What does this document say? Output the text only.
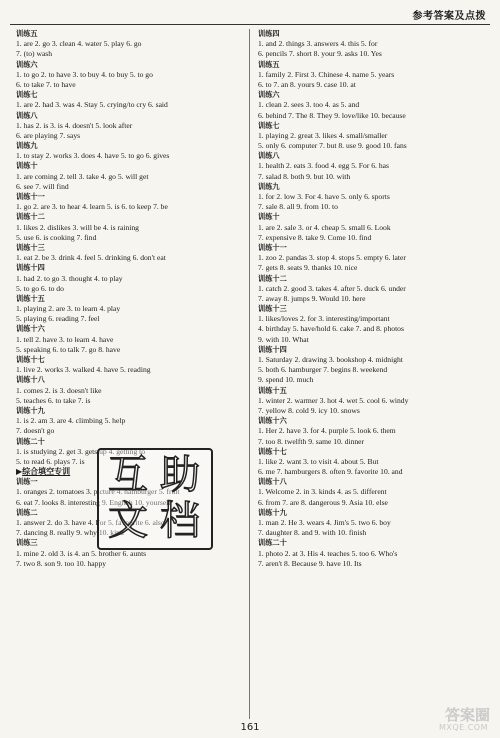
参考答案及点拨
训练五
1. are 2. go 3. clean 4. water 5. play 6. go
7. (to) wash
训练六
1. to go 2. to have 3. to buy 4. to buy 5. to go
6. to take 7. to have
训练七
1. are 2. had 3. was 4. Stay 5. crying/to cry 6. said
训练八
1. has 2. is 3. is 4. doesn't 5. look after
6. are playing 7. says
训练九
1. to stay 2. works 3. does 4. have 5. to go 6. gives
训练十
1. are coming 2. tell 3. take 4. go 5. will get
6. see 7. will find
训练十一
1. go 2. are 3. to hear 4. learn 5. is 6. to keep 7. be
训练十二
1. likes 2. dislikes 3. will be 4. is raining
5. use 6. is cooking 7. find
训练十三
1. eat 2. be 3. drink 4. feel 5. drinking 6. don't eat
训练十四
1. had 2. to go 3. thought 4. to play
5. to go 6. to do
训练十五
1. playing 2. are 3. to learn 4. play
5. playing 6. reading 7. feel
训练十六
1. tell 2. have 3. to learn 4. have
5. speaking 6. to talk 7. go 8. have
训练十七
1. live 2. works 3. walked 4. have 5. reading
训练十八
1. comes 2. is 3. doesn't like
5. teaches 6. to take 7. is
训练十九
1. is 2. am 3. are 4. climbing 5. help
7. doesn't go
训练二十
1. is studying 2. get 3. gets up 4. getting to
5. to read 6. plays 7. is
▶综合填空专训
训练一
1. oranges 2. tomatoes 3. picture 4. hamburger 5. fruit
6. eat 7. looks 8. interesting 9. English 10. yourself
训练二
1. answer 2. do 3. have 4. For 5. favourite 6. also
7. dancing 8. really 9. why 10. kind
训练三
1. mine 2. old 3. is 4. an 5. brother 6. aunts
7. two 8. son 9. too 10. happy
训练四
1. and 2. things 3. answers 4. this 5. for
6. pencils 7. short 8. your 9. asks 10. Yes
训练五
1. family 2. First 3. Chinese 4. name 5. years
6. to 7. an 8. yours 9. case 10. at
训练六
1. clean 2. sees 3. too 4. as 5. and
6. behind 7. The 8. They 9. love/like 10. because
训练七
1. playing 2. great 3. likes 4. small/smaller
5. only 6. computer 7. but 8. use 9. good 10. fans
训练八
1. health 2. eats 3. food 4. egg 5. For 6. has
7. salad 8. both 9. but 10. with
训练九
1. for 2. low 3. For 4. have 5. only 6. sports
7. sale 8. all 9. from 10. to
训练十
1. are 2. sale 3. or 4. cheap 5. small 6. Look
7. expensive 8. take 9. Come 10. find
训练十一
1. zoo 2. pandas 3. stop 4. stops 5. empty 6. later
7. gets 8. seats 9. thanks 10. nice
训练十二
1. catch 2. good 3. takes 4. after 5. duck 6. under
7. away 8. jumps 9. Would 10. here
训练十三
1. likes/loves 2. for 3. interesting/important
4. birthday 5. have/hold 6. cake 7. and 8. photos
9. with 10. What
训练十四
1. Saturday 2. drawing 3. bookshop 4. midnight
5. both 6. hamburger 7. begins 8. weekend
9. spend 10. much
训练十五
1. winter 2. warmer 3. hot 4. wet 5. cool 6. windy
7. yellow 8. cold 9. icy 10. snows
训练十六
1. Her 2. have 3. for 4. purple 5. look 6. them
7. too 8. twelfth 9. same 10. dinner
训练十七
1. like 2. want 3. to visit 4. about 5. But
6. me 7. hamburgers 8. often 9. favorite 10. and
训练十八
1. Welcome 2. in 3. kinds 4. as 5. different
6. from 7. are 8. dangerous 9. Asia 10. else
训练十九
1. man 2. He 3. wears 4. Jim's 5. two 6. boy
7. daughter 8. and 9. with 10. finish
训练二十
1. photo 2. at 3. His 4. teaches 5. too 6. Who's
7. aren't 8. Because 9. have 10. Its
互 助
文 档
161
答案圈
MXQE.COM
